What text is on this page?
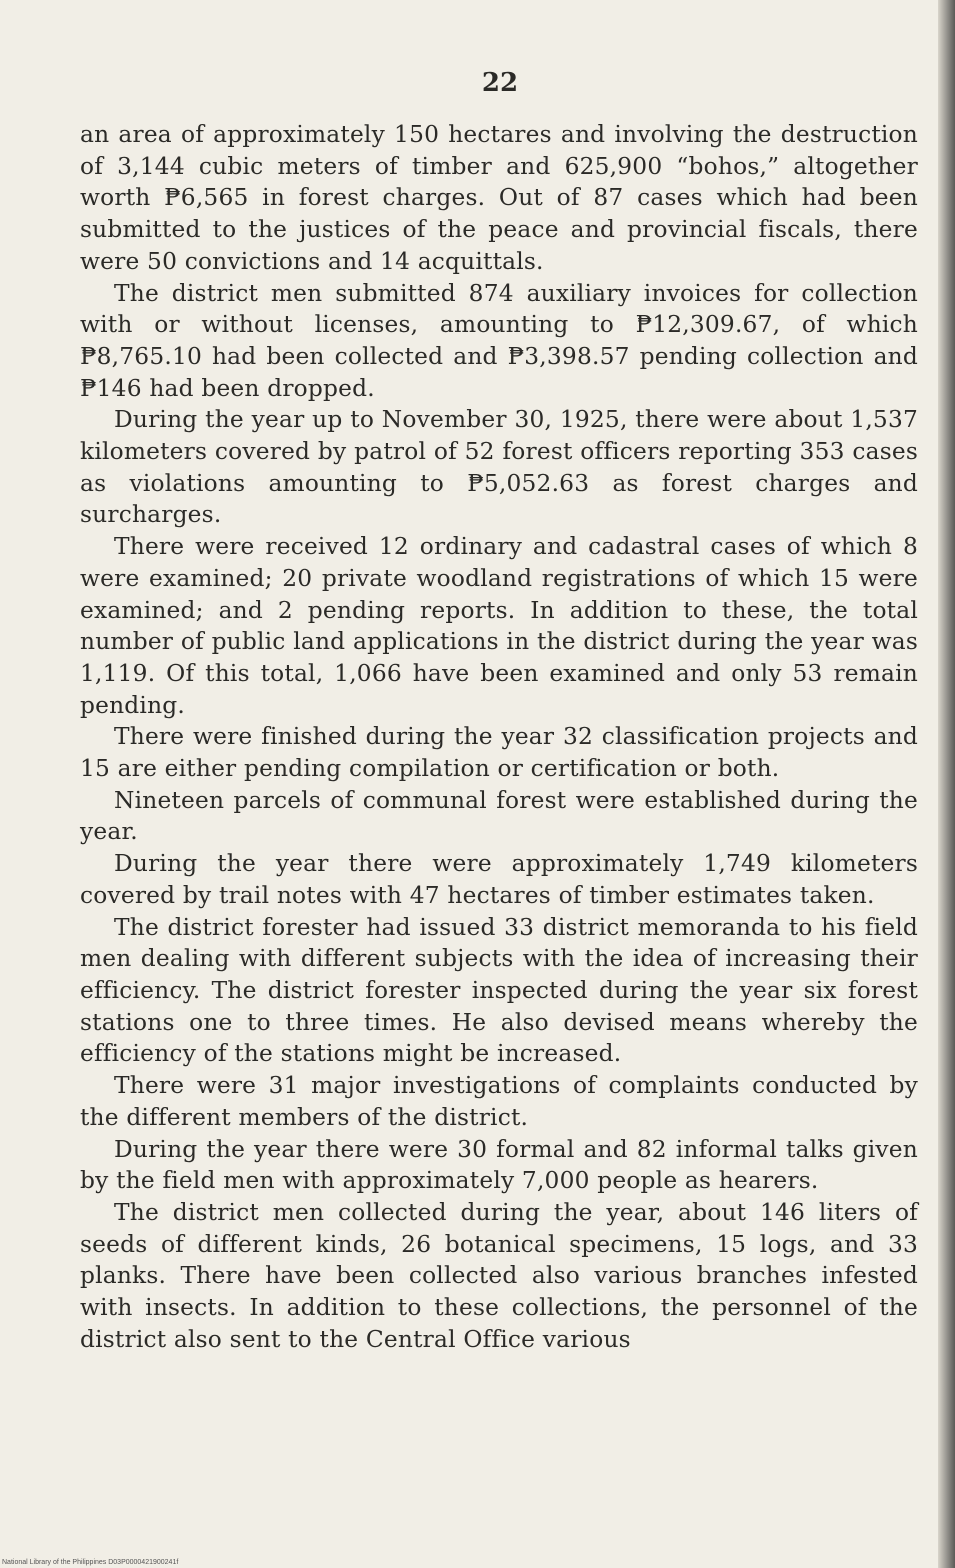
22

an area of approximately 150 hectares and involving the destruction of 3,144 cubic meters of timber and 625,900 “bohos,” altogether worth ₱6,565 in forest charges. Out of 87 cases which had been submitted to the justices of the peace and provincial fiscals, there were 50 convictions and 14 acquittals.

The district men submitted 874 auxiliary invoices for collection with or without licenses, amounting to ₱12,309.67, of which ₱8,765.10 had been collected and ₱3,398.57 pending collection and ₱146 had been dropped.

During the year up to November 30, 1925, there were about 1,537 kilometers covered by patrol of 52 forest officers reporting 353 cases as violations amounting to ₱5,052.63 as forest charges and surcharges.

There were received 12 ordinary and cadastral cases of which 8 were examined; 20 private woodland registrations of which 15 were examined; and 2 pending reports. In addition to these, the total number of public land applications in the district during the year was 1,119. Of this total, 1,066 have been examined and only 53 remain pending.

There were finished during the year 32 classification projects and 15 are either pending compilation or certification or both.

Nineteen parcels of communal forest were established during the year.

During the year there were approximately 1,749 kilometers covered by trail notes with 47 hectares of timber estimates taken.

The district forester had issued 33 district memoranda to his field men dealing with different subjects with the idea of increasing their efficiency. The district forester inspected during the year six forest stations one to three times. He also devised means whereby the efficiency of the stations might be increased.

There were 31 major investigations of complaints conducted by the different members of the district.

During the year there were 30 formal and 82 informal talks given by the field men with approximately 7,000 people as hearers.

The district men collected during the year, about 146 liters of seeds of different kinds, 26 botanical specimens, 15 logs, and 33 planks. There have been collected also various branches infested with insects. In addition to these collections, the personnel of the district also sent to the Central Office various

National Library of the Philippines D03P0000421900241f
